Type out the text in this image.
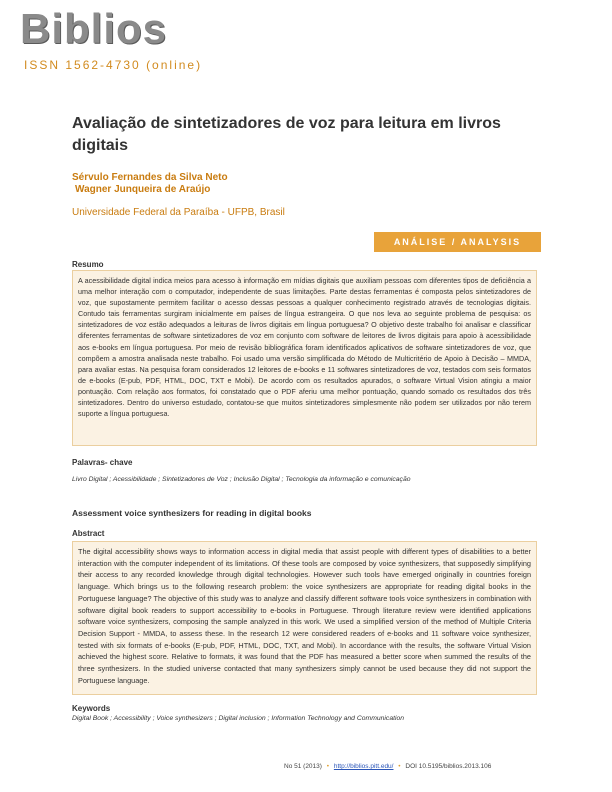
Biblios
ISSN 1562-4730 (online)
Avaliação de sintetizadores de voz para leitura em livros digitais
Sérvulo Fernandes da Silva Neto
Wagner Junqueira de Araújo
Universidade Federal da Paraíba - UFPB, Brasil
ANÁLISE / ANALYSIS
Resumo
A acessibilidade digital indica meios para acesso à informação em mídias digitais que auxiliam pessoas com diferentes tipos de deficiência a uma melhor interação com o computador, independente de suas limitações. Parte destas ferramentas é composta pelos sintetizadores de voz, que supostamente permitem facilitar o acesso dessas pessoas a qualquer conhecimento registrado através de tecnologias digitais. Contudo tais ferramentas surgiram inicialmente em países de língua estrangeira. O que nos leva ao seguinte problema de pesquisa: os sintetizadores de voz estão adequados a leituras de livros digitais em língua portuguesa? O objetivo deste trabalho foi analisar e classificar diferentes ferramentas de software sintetizadores de voz em conjunto com software de leitores de livros digitais para apoio à acessibilidade aos e-books em língua portuguesa. Por meio de revisão bibliográfica foram identificados aplicativos de software sintetizadores de voz, que compõem a amostra analisada neste trabalho. Foi usado uma versão simplificada do Método de Multicritério de Apoio à Decisão – MMDA, para avaliar estas. Na pesquisa foram considerados 12 leitores de e-books e 11 softwares sintetizadores de voz, testados com seis formatos de e-books (E-pub, PDF, HTML, DOC, TXT e Mobi). De acordo com os resultados apurados, o software Virtual Vision atingiu a maior pontuação. Com relação aos formatos, foi constatado que o PDF aferiu uma melhor pontuação, quando somado os resultados dos três sintetizadores. Dentro do universo estudado, contatou-se que muitos sintetizadores simplesmente não podem ser utilizados por não terem suporte a língua portuguesa.
Palavras- chave
Livro Digital ; Acessibilidade ; Sintetizadores de Voz ; Inclusão Digital ; Tecnologia da informação e comunicação
Assessment voice synthesizers for reading in digital books
Abstract
The digital accessibility shows ways to information access in digital media that assist people with different types of disabilities to a better interaction with the computer independent of its limitations. Of these tools are composed by voice synthesizers, that supposedly simplifying their access to any recorded knowledge through digital technologies. However such tools have emerged originally in countries foreign language. Which brings us to the following research problem: the voice synthesizers are appropriate for reading digital books in the Portuguese language? The objective of this study was to analyze and classify different software tools voice synthesizers in combination with software digital book readers to support accessibility to e-books in Portuguese. Through literature review were identified applications software voice synthesizers, composing the sample analyzed in this work. We used a simplified version of the method of Multiple Criteria Decision Support - MMDA, to assess these. In the research 12 were considered readers of e-books and 11 software voice synthesizer, tested with six formats of e-books (E-pub, PDF, HTML, DOC, TXT, and Mobi). In accordance with the results, the software Virtual Vision achieved the highest score. Relative to formats, it was found that the PDF has measured a better score when summed the results of the three synthesizers. In the studied universe contacted that many synthesizers simply cannot be used because they did not support the Portuguese language.
Keywords
Digital Book ; Accessibility ; Voice synthesizers ; Digital inclusion ; Information Technology and Communication
No 51 (2013) • http://biblios.pitt.edu/ • DOI 10.5195/biblios.2013.106
